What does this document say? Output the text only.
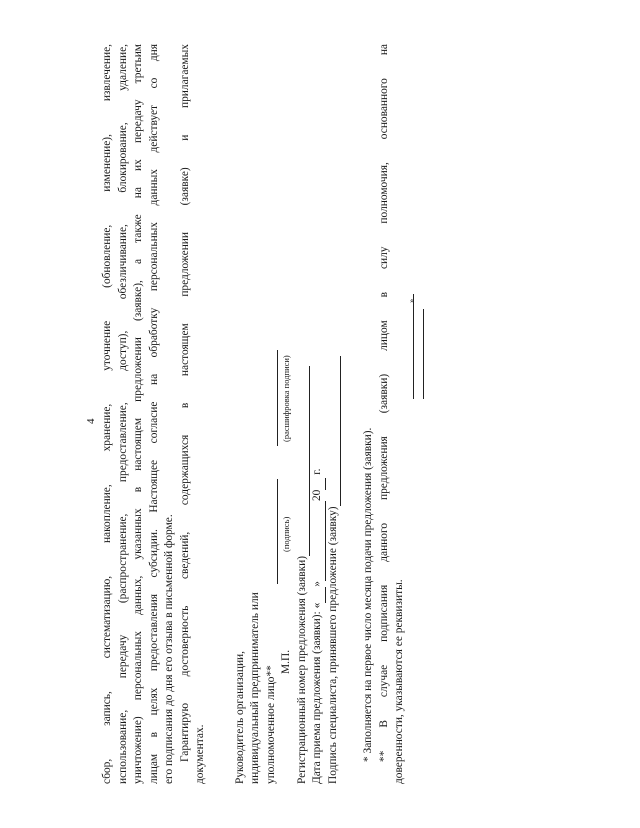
4 сбор, запись, систематизацию, накопление, хранение, уточнение (обновление, изменение), извлечение, использование, передачу (распространение, предоставление, доступ), обезличивание, блокирование, удаление, уничтожение) персональных данных, указанных в настоящем предложении (заявке), а также на их передачу третьим лицам в целях предоставления субсидии. Настоящее согласие на обработку персональных данных действует со дня его подписания до дня его отзыва в письменной форме. Гарантирую достоверность сведений, содержащихся в настоящем предложении (заявке) и прилагаемых документах. Руководитель организации, индивидуальный предприниматель или уполномоченное лицо**
М.П.
(подпись)
(расшифровка подписи)
Регистрационный номер предложения (заявки) Дата приема предложения (заявки): «»20 г.
Подпись специалиста, принявшего предложение (заявку) * Заполняется на первое число месяца подачи предложения (заявки). ** В случае подписания данного предложения (заявки) лицом в силу полномочия, основанного на доверенности, указываются ее реквизиты.

»
